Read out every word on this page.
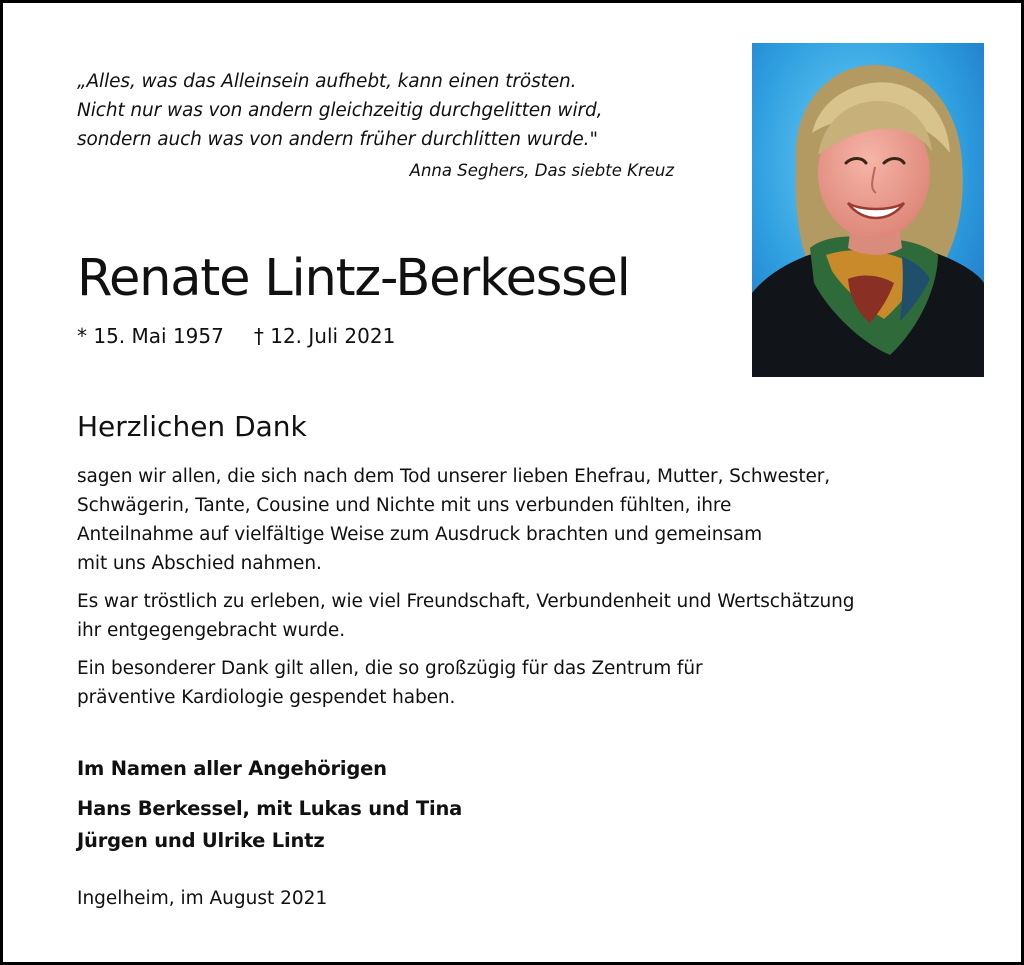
„Alles, was das Alleinsein aufhebt, kann einen trösten.
Nicht nur was von andern gleichzeitig durchgelitten wird,
sondern auch was von andern früher durchlitten wurde."
Anna Seghers, Das siebte Kreuz
Renate Lintz-Berkessel
* 15. Mai 1957 † 12. Juli 2021
Herzlichen Dank
sagen wir allen, die sich nach dem Tod unserer lieben Ehefrau, Mutter, Schwester,
Schwägerin, Tante, Cousine und Nichte mit uns verbunden fühlten, ihre
Anteilnahme auf vielfältige Weise zum Ausdruck brachten und gemeinsam
mit uns Abschied nahmen.
Es war tröstlich zu erleben, wie viel Freundschaft, Verbundenheit und Wertschätzung
ihr entgegengebracht wurde.
Ein besonderer Dank gilt allen, die so großzügig für das Zentrum für
präventive Kardiologie gespendet haben.
Im Namen aller Angehörigen
Hans Berkessel, mit Lukas und Tina
Jürgen und Ulrike Lintz
Ingelheim, im August 2021
